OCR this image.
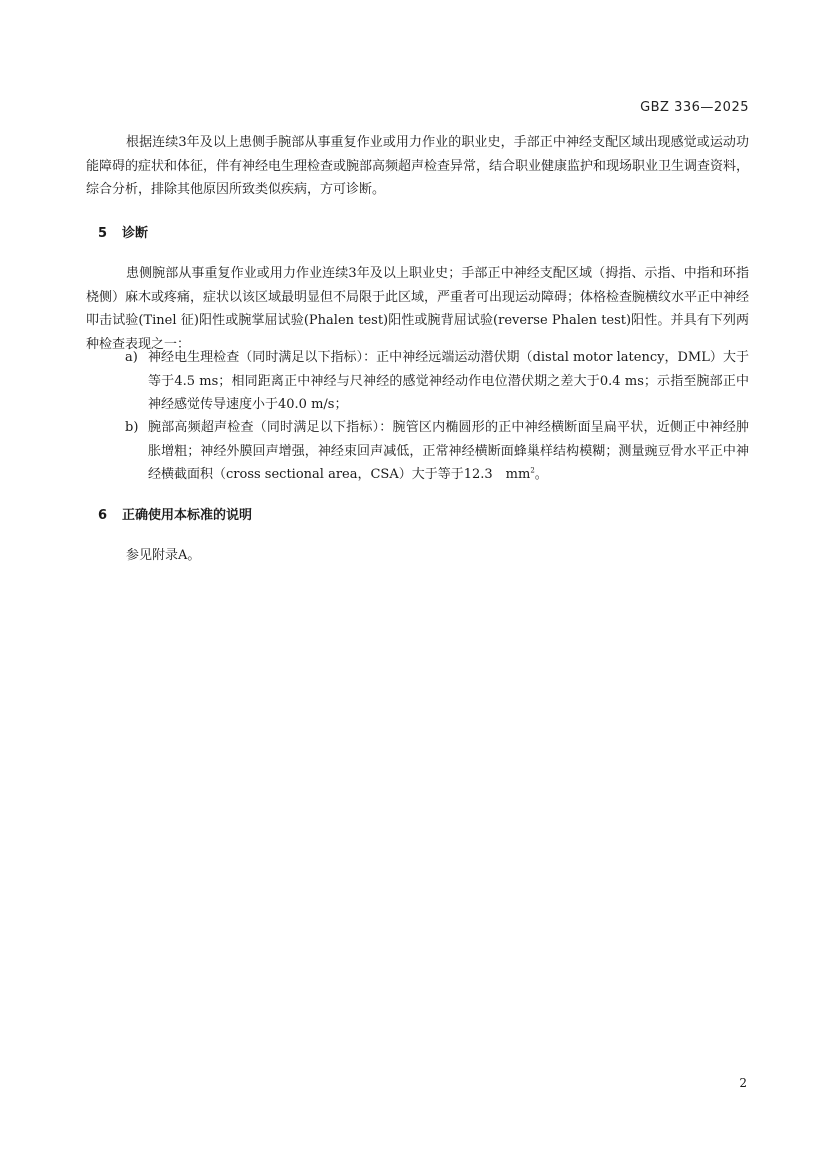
GBZ 336—2025

根据连续3年及以上患侧手腕部从事重复作业或用力作业的职业史，手部正中神经支配区域出现感觉或运动功能障碍的症状和体征，伴有神经电生理检查或腕部高频超声检查异常，结合职业健康监护和现场职业卫生调查资料，综合分析，排除其他原因所致类似疾病，方可诊断。

5 诊断

患侧腕部从事重复作业或用力作业连续3年及以上职业史；手部正中神经支配区域（拇指、示指、中指和环指桡侧）麻木或疼痛，症状以该区域最明显但不局限于此区域，严重者可出现运动障碍；体格检查腕横纹水平正中神经叩击试验(Tinel 征)阳性或腕掌屈试验(Phalen test)阳性或腕背屈试验(reverse Phalen test)阳性。并具有下列两种检查表现之一：

a) 神经电生理检查（同时满足以下指标）：正中神经远端运动潜伏期（distal motor latency，DML）大于等于4.5 ms；相同距离正中神经与尺神经的感觉神经动作电位潜伏期之差大于0.4 ms；示指至腕部正中神经感觉传导速度小于40.0 m/s；
b) 腕部高频超声检查（同时满足以下指标）：腕管区内椭圆形的正中神经横断面呈扁平状，近侧正中神经肿胀增粗；神经外膜回声增强，神经束回声减低，正常神经横断面蜂巢样结构模糊；测量豌豆骨水平正中神经横截面积（cross sectional area，CSA）大于等于12.3　$mm^2$。
6 正确使用本标准的说明

参见附录A。

2
